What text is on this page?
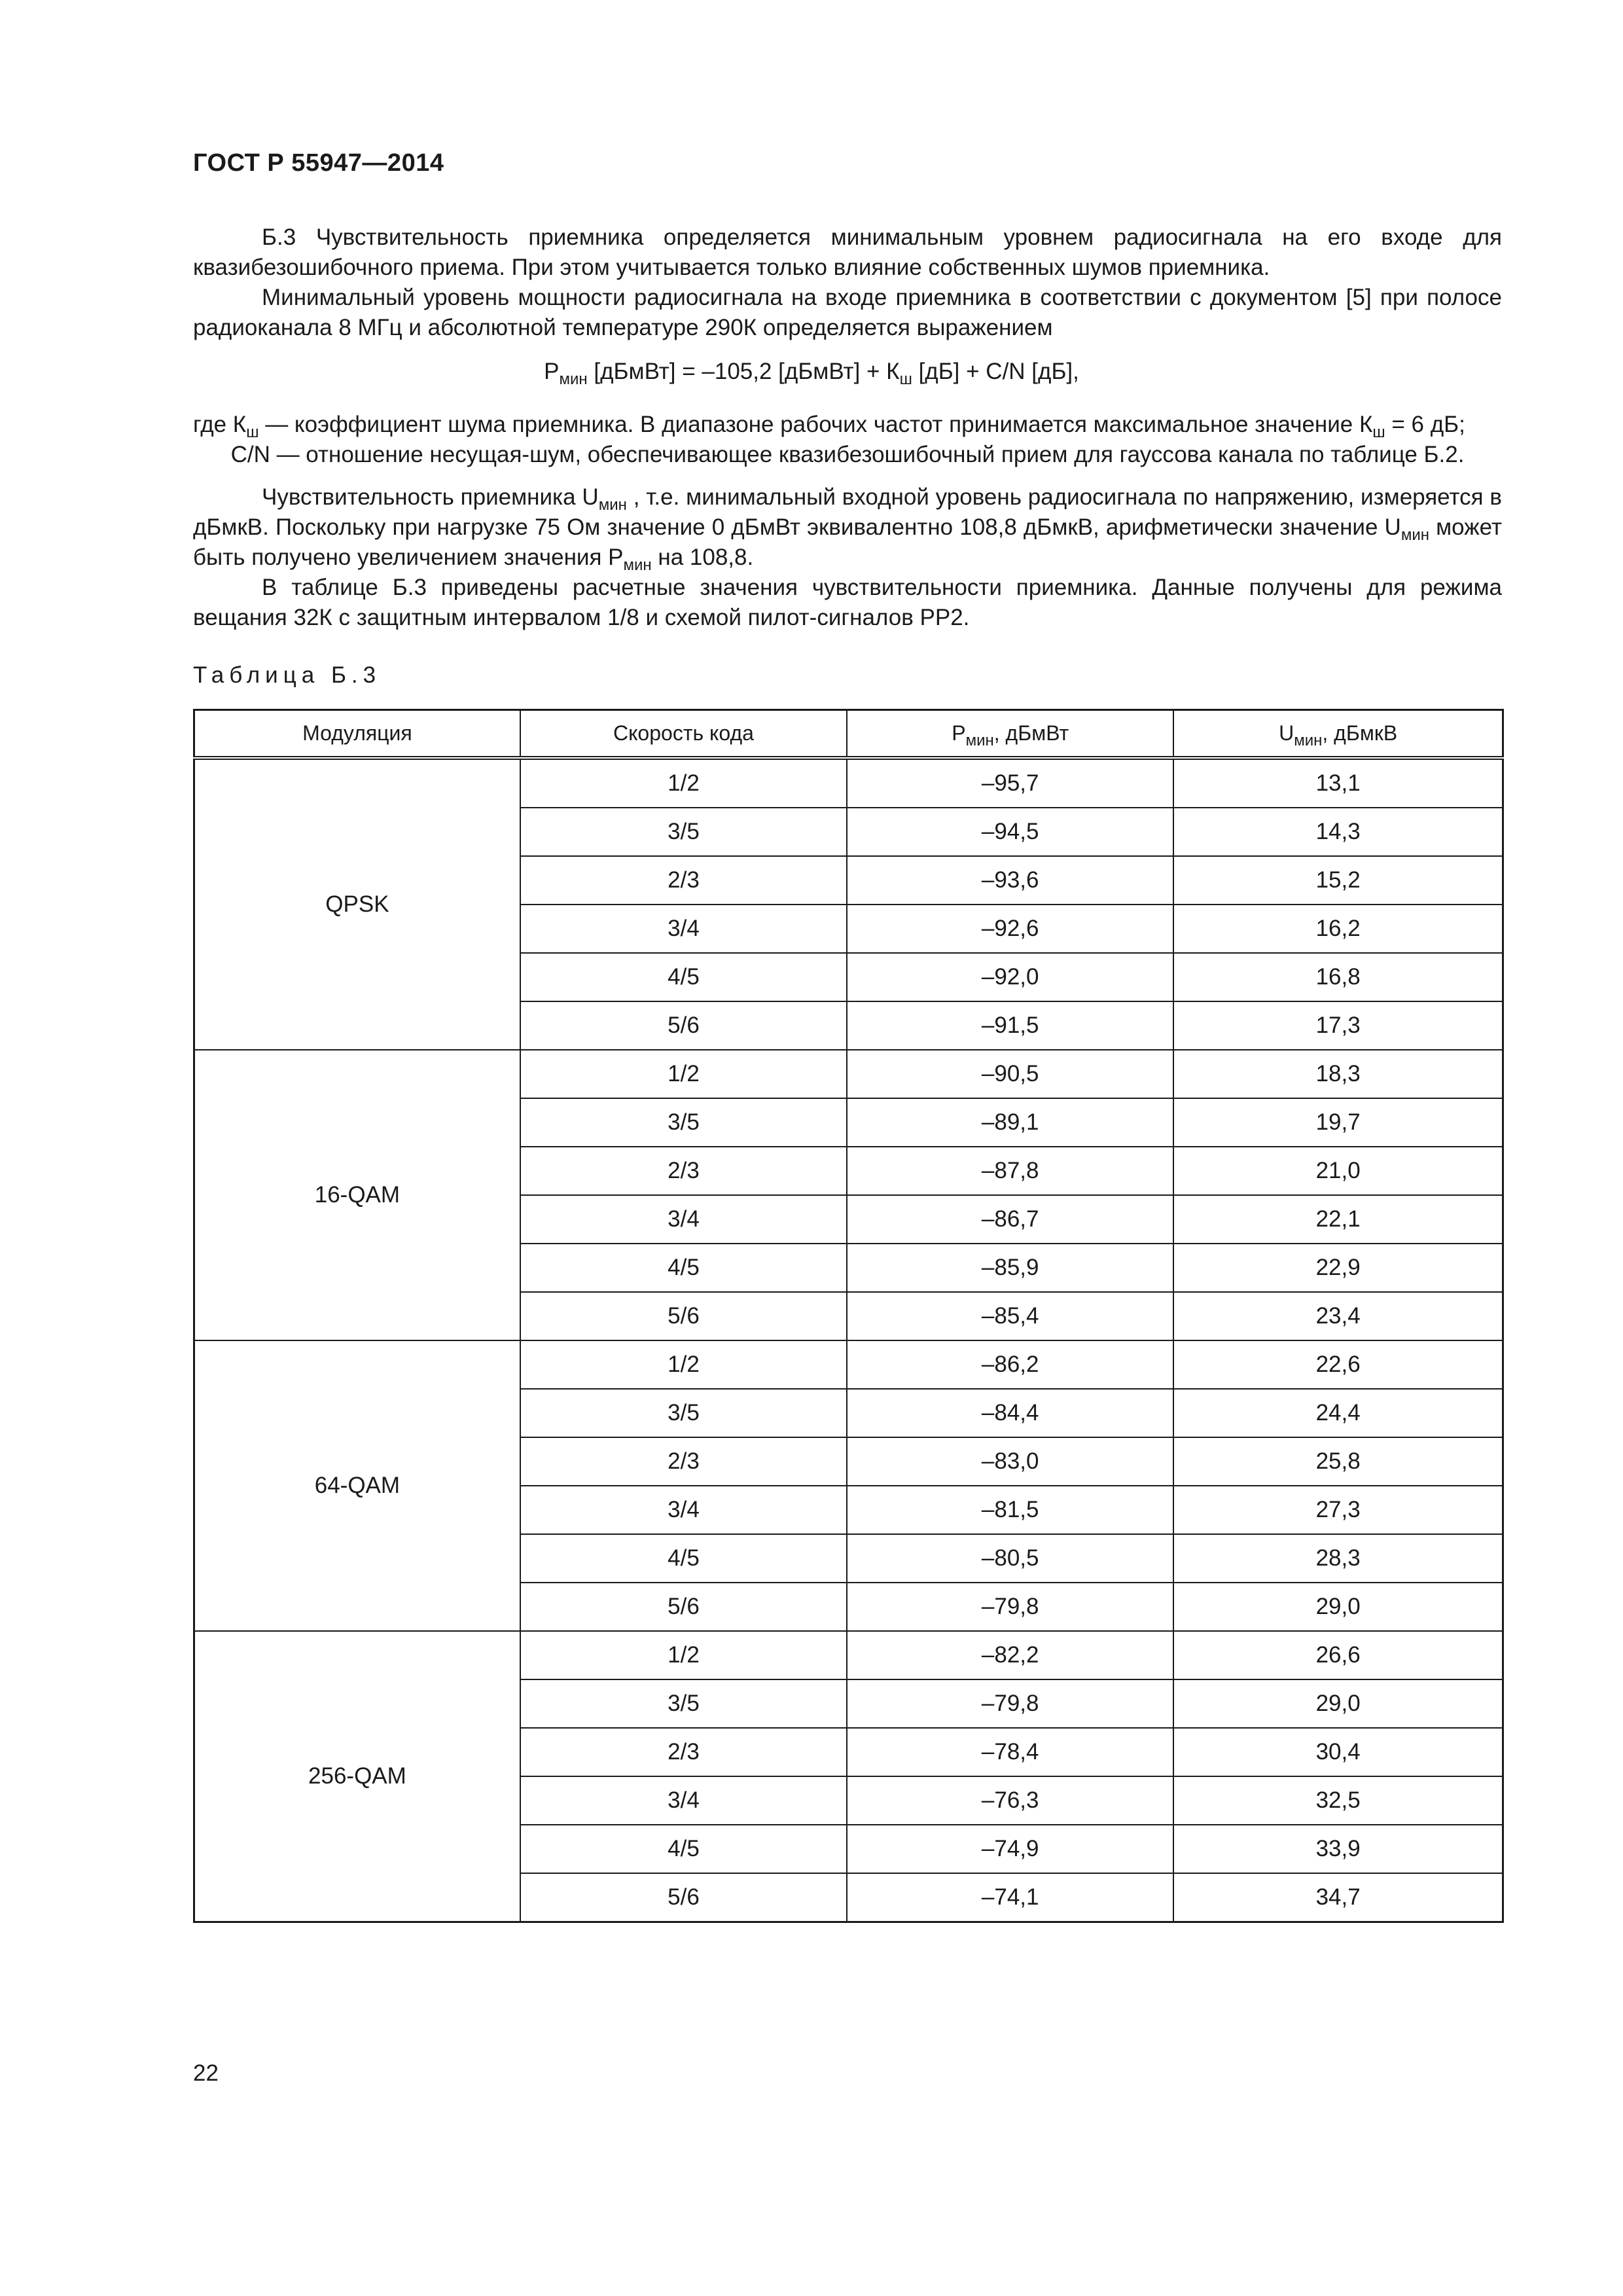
ГОСТ Р 55947—2014

Б.3 Чувствительность приемника определяется минимальным уровнем радиосигнала на его входе для квазибезошибочного приема. При этом учитывается только влияние собственных шумов приемника.

Минимальный уровень мощности радиосигнала на входе приемника в соответствии с документом [5] при полосе радиоканала 8 МГц и абсолютной температуре 290К определяется выражением

$P_{мин}$ [дБмВт] = –105,2 [дБмВт] + $К_ш$ [дБ] + С/N [дБ],
где $К_ш$ — коэффициент шума приемника. В диапазоне рабочих частот принимается максимальное значение $К_ш = 6$ дБ;
С/N — отношение несущая-шум, обеспечивающее квазибезошибочный прием для гауссова канала по таблице Б.2.

Чувствительность приемника $U_{мин}$ , т.е. минимальный входной уровень радиосигнала по напряжению, измеряется в дБмкВ. Поскольку при нагрузке 75 Ом значение 0 дБмВт эквивалентно 108,8 дБмкВ, арифметически значение $U_{мин}$ может быть получено увеличением значения $P_{мин}$ на 108,8.

В таблице Б.3 приведены расчетные значения чувствительности приемника. Данные получены для режима вещания 32К с защитным интервалом 1/8 и схемой пилот-сигналов РР2.

Таблица Б.3
Модуляция	Скорость кода	$P_{мин}$, дБмВт	$U_{мин}$, дБмкВ
QPSK	1/2	–95,7	13,1
	3/5	–94,5	14,3
	2/3	–93,6	15,2
	3/4	–92,6	16,2
	4/5	–92,0	16,8
	5/6	–91,5	17,3
16-QAM	1/2	–90,5	18,3
	3/5	–89,1	19,7
	2/3	–87,8	21,0
	3/4	–86,7	22,1
	4/5	–85,9	22,9
	5/6	–85,4	23,4
64-QAM	1/2	–86,2	22,6
	3/5	–84,4	24,4
	2/3	–83,0	25,8
	3/4	–81,5	27,3
	4/5	–80,5	28,3
	5/6	–79,8	29,0
256-QAM	1/2	–82,2	26,6
	3/5	–79,8	29,0
	2/3	–78,4	30,4
	3/4	–76,3	32,5
	4/5	–74,9	33,9
	5/6	–74,1	34,7
22
